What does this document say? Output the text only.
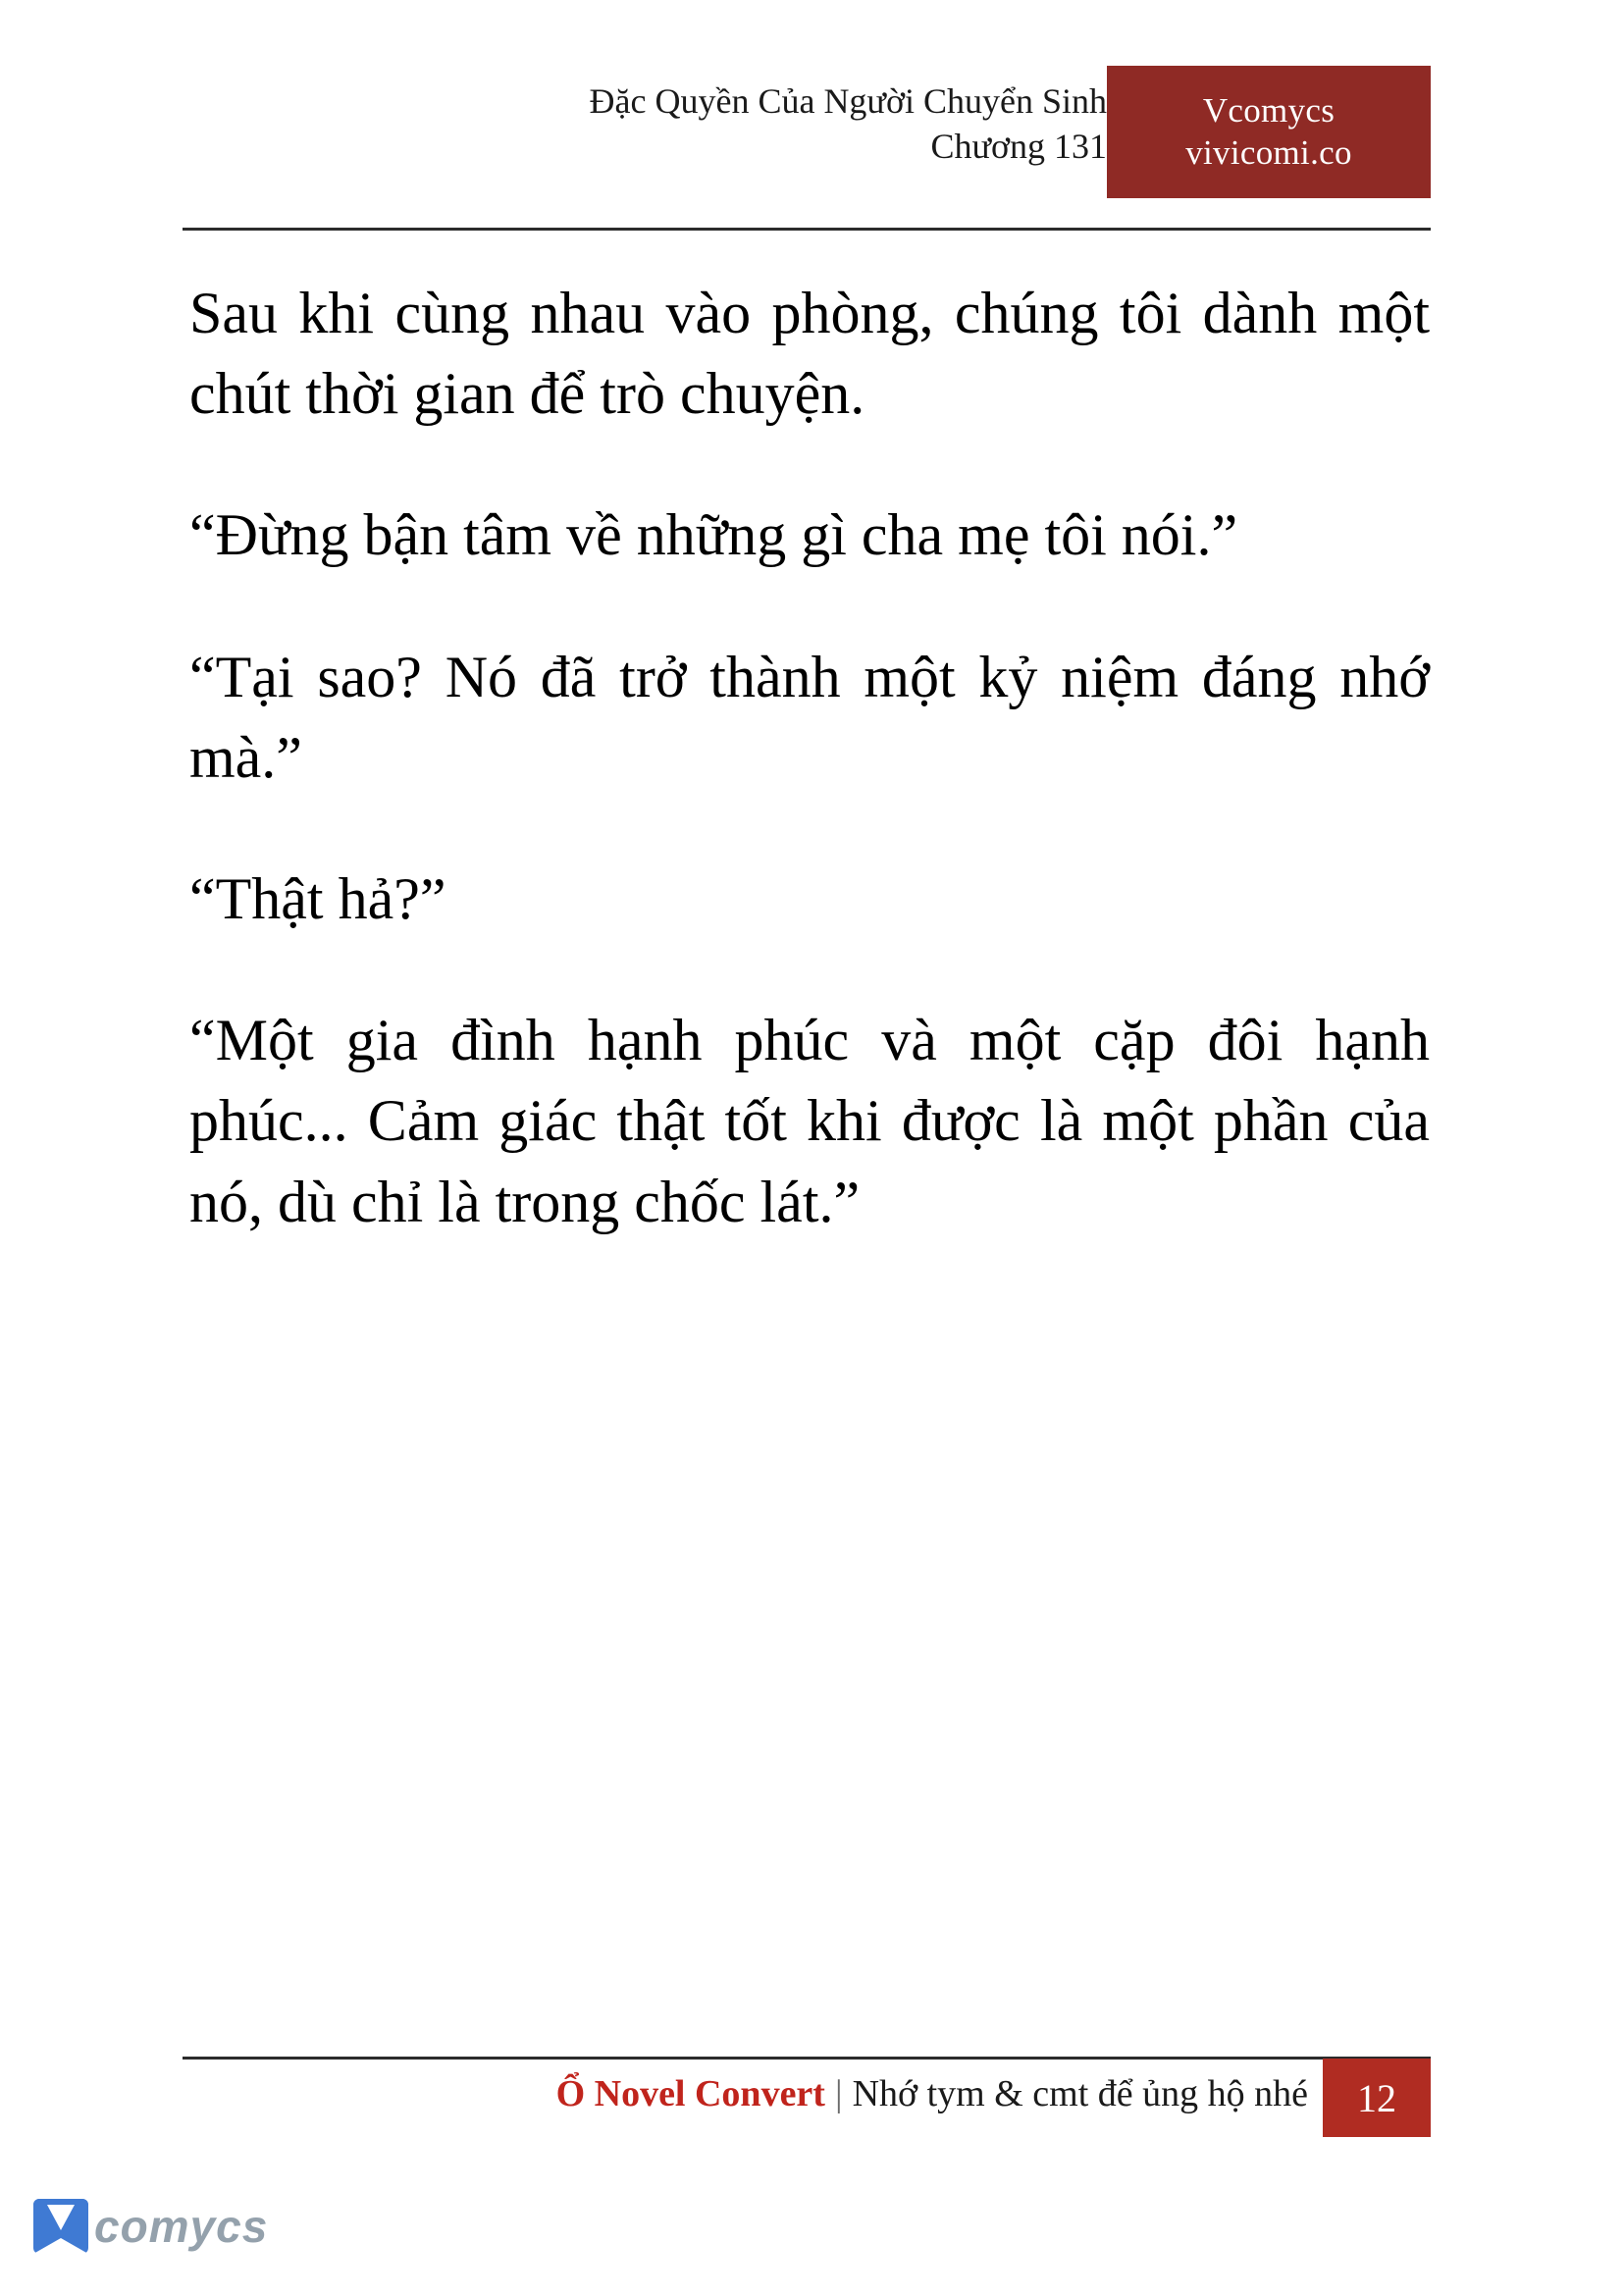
Đặc Quyền Của Người Chuyển Sinh
Chương 131
Vcomycs
vivicomi.co

Sau khi cùng nhau vào phòng, chúng tôi dành một chút thời gian để trò chuyện.

“Đừng bận tâm về những gì cha mẹ tôi nói.”

“Tại sao? Nó đã trở thành một kỷ niệm đáng nhớ mà.”

“Thật hả?”

“Một gia đình hạnh phúc và một cặp đôi hạnh phúc... Cảm giác thật tốt khi được là một phần của nó, dù chỉ là trong chốc lát.”

Ổ Novel Convert | Nhớ tym & cmt để ủng hộ nhé	12
comycs
